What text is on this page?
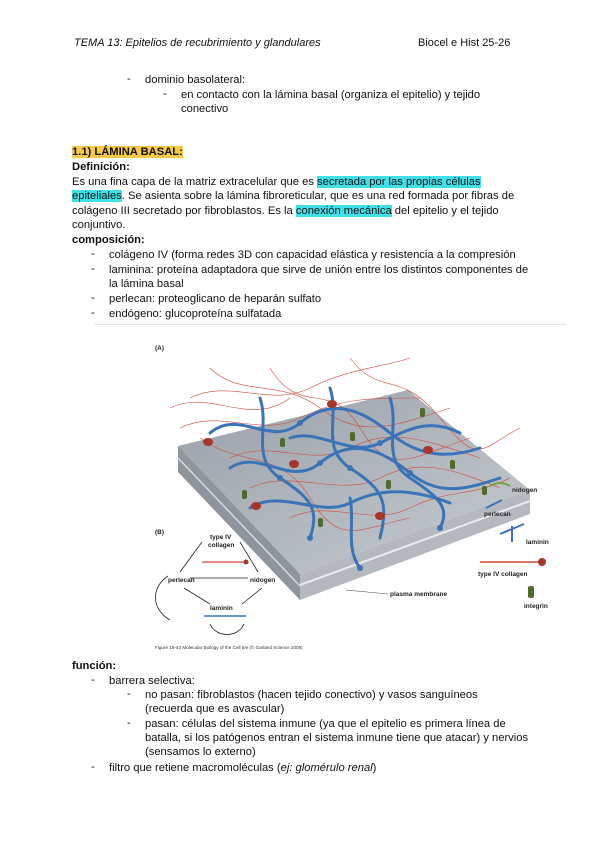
TEMA 13: Epitelios de recubrimiento y glandulares	Biocel e Hist 25-26
- dominio basolateral:
- en contacto con la lámina basal (organiza el epitelio) y tejido
conectivo
1.1) LÁMINA BASAL:
Definición:
Es una fina capa de la matriz extracelular que es secretada por las propias células
epiteliales. Se asienta sobre la lámina fibroreticular, que es una red formada por fibras de
colágeno III secretado por fibroblastos. Es la conexión mecánica del epitelio y el tejido
conjuntivo.
composición:
- colágeno IV (forma redes 3D con capacidad elástica y resistencia a la compresión
- laminina: proteína adaptadora que sirve de unión entre los distintos componentes de
la lámina basal
- perlecan: proteoglicano de heparán sulfato
- endógeno: glucoproteína sulfatada
(A)
nidogen
perlecan
laminin
type IV collagen
integrin
plasma membrane
(B)
type IV
collagen
perlecan	nidogen
laminin
Figure 19-43 Molecular Biology of the Cell 5/e (© Garland Science 2008)
función:
- barrera selectiva:
- no pasan: fibroblastos (hacen tejido conectivo) y vasos sanguíneos
(recuerda que es avascular)
- pasan: células del sistema inmune (ya que el epitelio es primera línea de
batalla, si los patógenos entran el sistema inmune tiene que atacar) y nervios
(sensamos lo externo)
- filtro que retiene macromoléculas (ej: glomérulo renal)
